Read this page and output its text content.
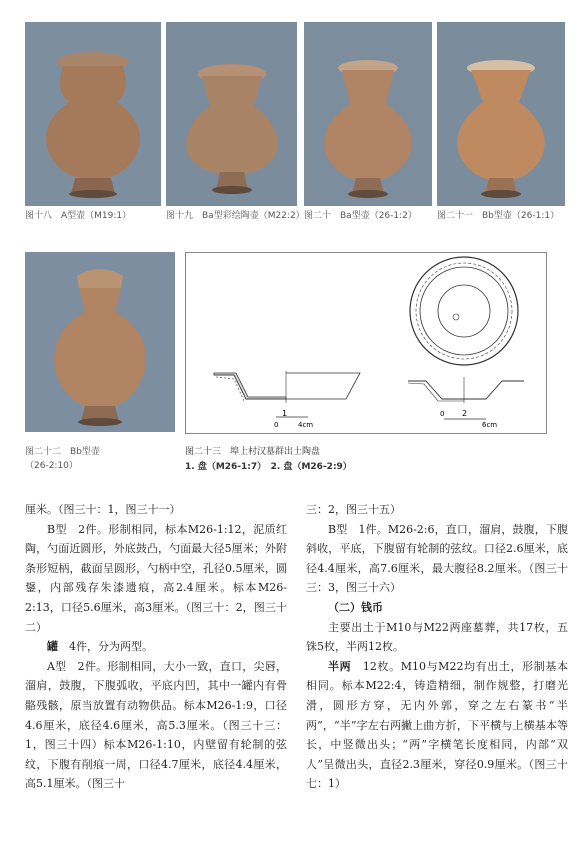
图十八　A型壶（M19:1）	图十九　Ba型彩绘陶壶（M22:2） 图二十　Ba型壶（26-1:2） 图二十一　Bb型壶（26-1:1）
1
0	4cm
0 2
6cm
图二十二　Bb型壶
（26-2:10）
图二十三　埠上村汉墓群出土陶盘
1. 盘（M26-1:7）　2. 盘（M26-2:9）

厘米。（图三十：1，图三十一）

B型　2件。形制相同，标本M26-1:12，泥质红陶，勺面近圆形，外底鼓凸，勺面最大径5厘米；外附条形短柄，截面呈圆形，勺柄中空，孔径0.5厘米，圆鋬，内部残存朱漆遗痕，高2.4厘米。标本M26-2:13，口径5.6厘米，高3厘米。（图三十：2，图三十二）

罐　4件，分为两型。

A型　2件。形制相同，大小一致，直口，尖唇，溜肩，鼓腹，下腹弧收，平底内凹，其中一罐内有骨骼残骸，原当放置有动物供品。标本M26-1:9，口径4.6厘米，底径4.6厘米，高5.3厘米。（图三十三：1，图三十四）标本M26-1:10，内壁留有轮制的弦纹，下腹有削痕一周，口径4.7厘米，底径4.4厘米，高5.1厘米。（图三十

三：2，图三十五）

B型　1件。M26-2:6，直口，溜肩，鼓腹，下腹斜收，平底，下腹留有轮制的弦纹。口径2.6厘米，底径4.4厘米，高7.6厘米，最大腹径8.2厘米。（图三十三：3，图三十六）

（二）钱币

主要出土于M10与M22两座墓葬，共17枚，五铢5枚，半两12枚。

半两　12枚。M10与M22均有出土，形制基本相同。标本M22:4，铸造精细，制作规整，打磨光滑，圆形方穿，无内外郭，穿之左右篆书“半两”，“半”字左右两撇上曲方折，下平横与上横基本等长，中竖微出头；“两”字横笔长度相同，内部“双人”呈微出头，直径2.3厘米，穿径0.9厘米。（图三十七：1）
